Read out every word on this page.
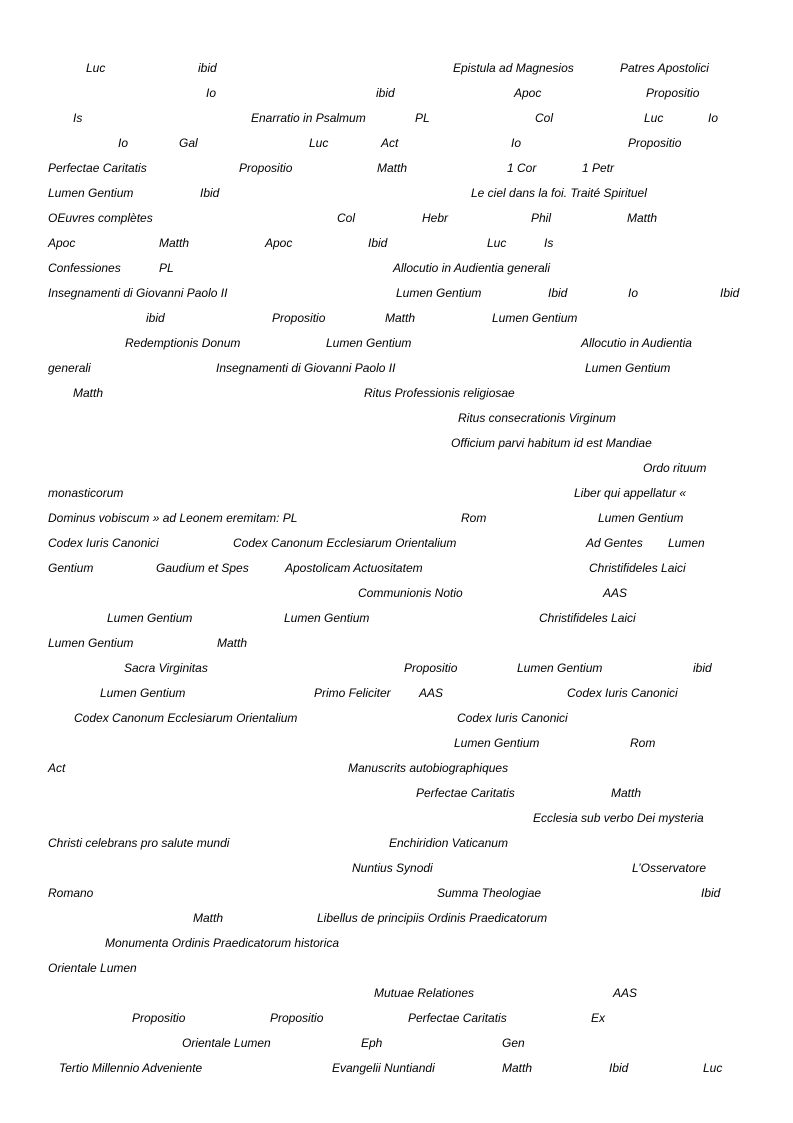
Luc	ibid	Epistula ad Magnesios	Patres Apostolici
Io	ibid	Apoc	Propositio
Is	Enarratio in Psalmum	PL	Col	Luc	Io
Io	Gal	Luc	Act	Io	Propositio
Perfectae Caritatis	Propositio	Matth	1 Cor	1 Petr
Lumen Gentium	Ibid	Le ciel dans la foi. Traité Spirituel
OEuvres complètes	Col	Hebr	Phil	Matth
Apoc	Matth	Apoc	Ibid	Luc	Is
Confessiones	PL	Allocutio in Audientia generali
Insegnamenti di Giovanni Paolo II	Lumen Gentium	Ibid	Io	Ibid
ibid	Propositio	Matth	Lumen Gentium
Redemptionis Donum	Lumen Gentium	Allocutio in Audientia
generali	Insegnamenti di Giovanni Paolo II	Lumen Gentium
Matth	Ritus Professionis religiosae
Ritus consecrationis Virginum
Officium parvi habitum id est Mandiae
Ordo rituum
monasticorum	Liber qui appellatur «
Dominus vobiscum » ad Leonem eremitam: PL	Rom	Lumen Gentium
Codex Iuris Canonici	Codex Canonum Ecclesiarum Orientalium	Ad Gentes Lumen
Gentium	Gaudium et Spes	Apostolicam Actuositatem	Christifideles Laici
Communionis Notio	AAS
Lumen Gentium	Lumen Gentium	Christifideles Laici
Lumen Gentium	Matth
Sacra Virginitas	Propositio	Lumen Gentium	ibid
Lumen Gentium	Primo Feliciter AAS	Codex Iuris Canonici
Codex Canonum Ecclesiarum Orientalium	Codex Iuris Canonici
Lumen Gentium	Rom
Act	Manuscrits autobiographiques
Perfectae Caritatis	Matth
Ecclesia sub verbo Dei mysteria
Christi celebrans pro salute mundi	Enchiridion Vaticanum
Nuntius Synodi	L’Osservatore
Romano	Summa Theologiae	Ibid
Matth	Libellus de principiis Ordinis Praedicatorum
Monumenta Ordinis Praedicatorum historica
Orientale Lumen
Mutuae Relationes	AAS
Propositio	Propositio	Perfectae Caritatis	Ex
Orientale Lumen	Eph	Gen
Tertio Millennio Adveniente	Evangelii Nuntiandi	Matth	Ibid	Luc
